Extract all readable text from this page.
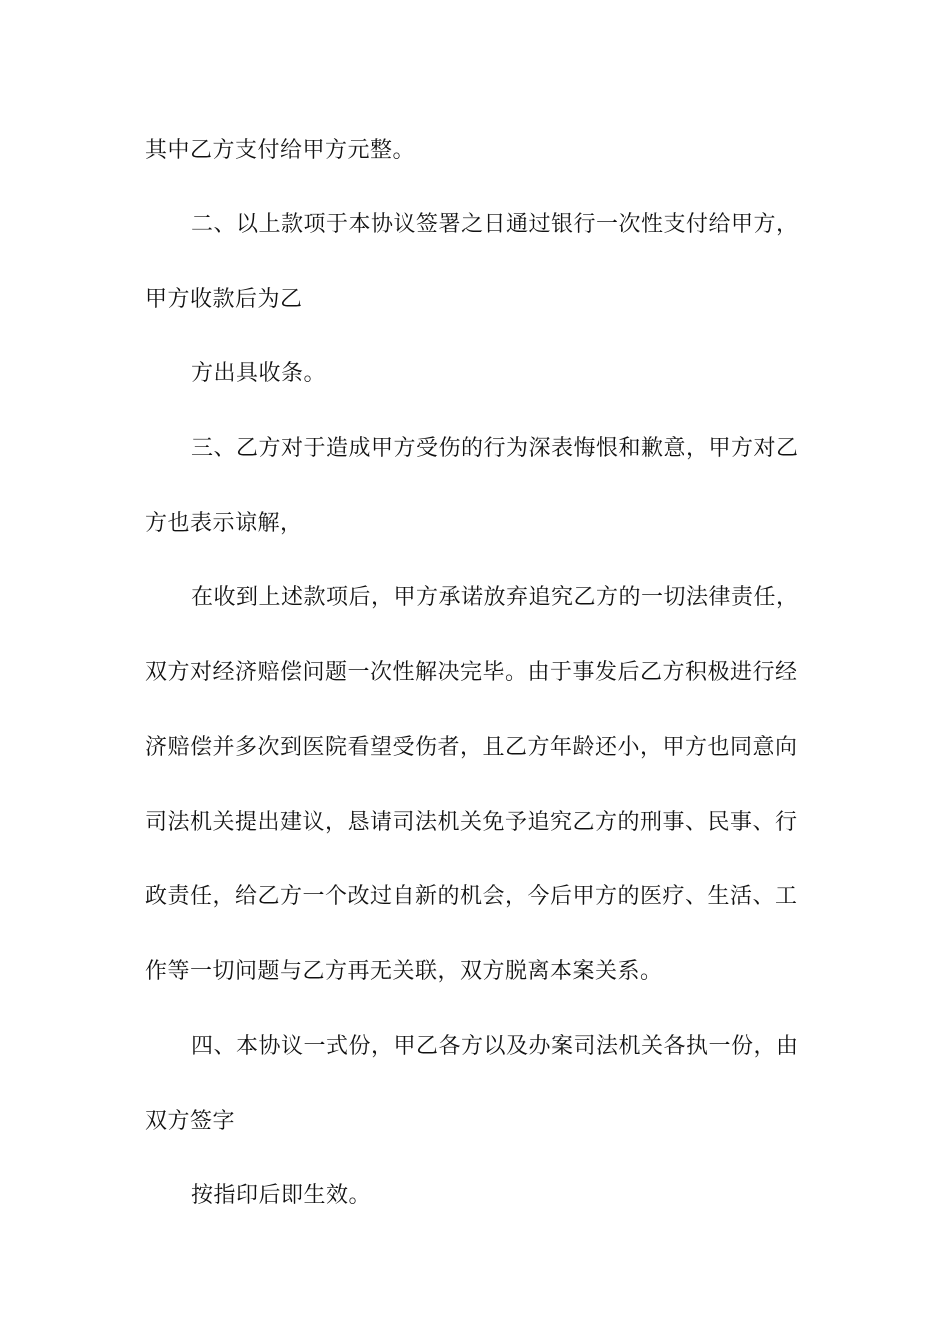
其中乙方支付给甲方元整。
二、以上款项于本协议签署之日通过银行一次性支付给甲方，
甲方收款后为乙
方出具收条。
三、乙方对于造成甲方受伤的行为深表悔恨和歉意，甲方对乙
方也表示谅解，
在收到上述款项后，甲方承诺放弃追究乙方的一切法律责任，
双方对经济赔偿问题一次性解决完毕。由于事发后乙方积极进行经
济赔偿并多次到医院看望受伤者，且乙方年龄还小，甲方也同意向
司法机关提出建议，恳请司法机关免予追究乙方的刑事、民事、行
政责任，给乙方一个改过自新的机会，今后甲方的医疗、生活、工
作等一切问题与乙方再无关联，双方脱离本案关系。
四、本协议一式份，甲乙各方以及办案司法机关各执一份，由
双方签字
按指印后即生效。
